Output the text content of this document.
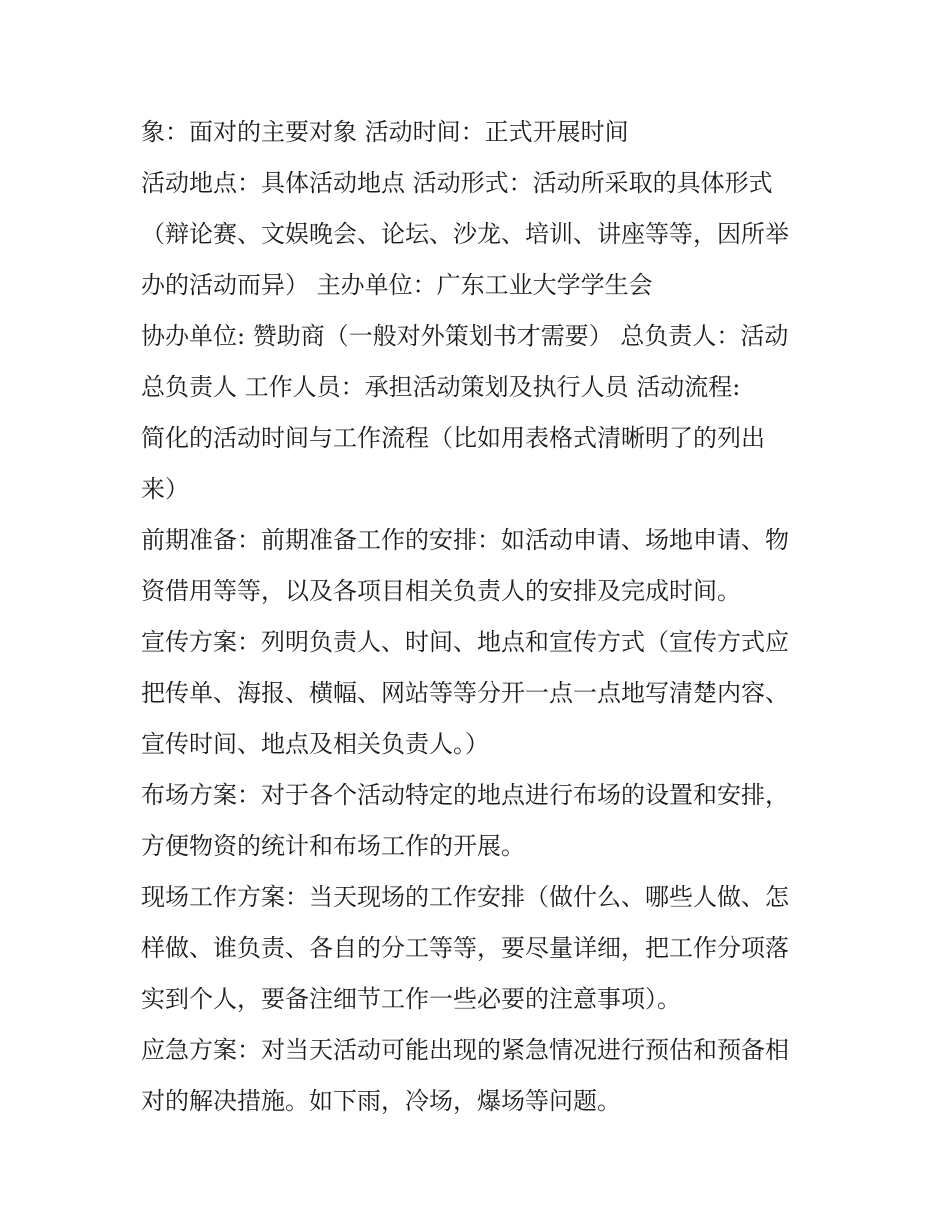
象：面对的主要对象 活动时间：正式开展时间
活动地点：具体活动地点 活动形式：活动所采取的具体形式
（辩论赛、文娱晚会、论坛、沙龙、培训、讲座等等，因所举
办的活动而异） 主办单位：广东工业大学学生会
协办单位: 赞助商（一般对外策划书才需要） 总负责人：活动
总负责人 工作人员：承担活动策划及执行人员 活动流程:
简化的活动时间与工作流程（比如用表格式清晰明了的列出
来）
前期准备：前期准备工作的安排：如活动申请、场地申请、物
资借用等等，以及各项目相关负责人的安排及完成时间。
宣传方案：列明负责人、时间、地点和宣传方式（宣传方式应
把传单、海报、横幅、网站等等分开一点一点地写清楚内容、
宣传时间、地点及相关负责人。）
布场方案：对于各个活动特定的地点进行布场的设置和安排，
方便物资的统计和布场工作的开展。
现场工作方案：当天现场的工作安排（做什么、哪些人做、怎
样做、谁负责、各自的分工等等，要尽量详细，把工作分项落
实到个人，要备注细节工作一些必要的注意事项）。
应急方案：对当天活动可能出现的紧急情况进行预估和预备相
对的解决措施。如下雨，冷场，爆场等问题。
